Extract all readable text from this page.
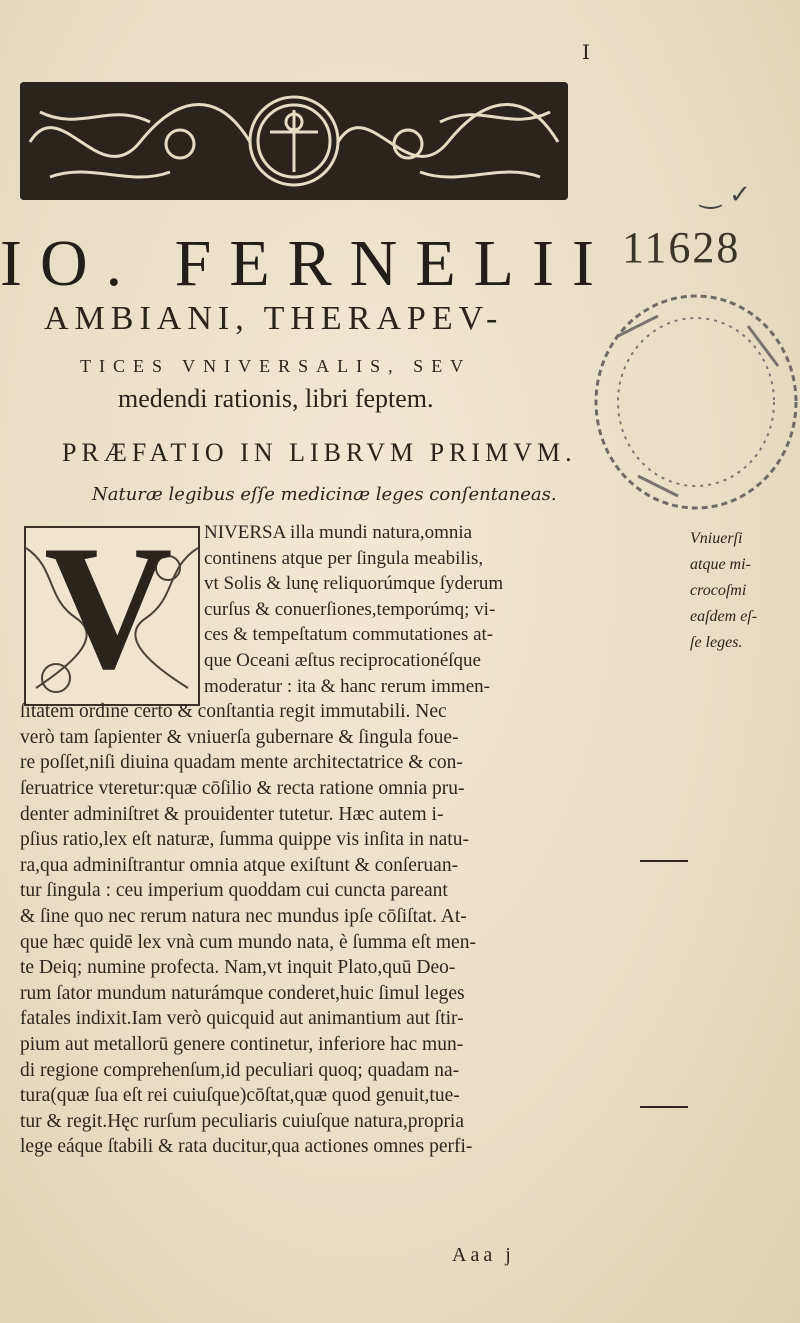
I
‿ ✓
IO. FERNELII 11628
AMBIANI, THERAPEV-
TICES VNIVERSALIS, SEV
medendi rationis, libri feptem.
PRÆFATIO IN LIBRVM PRIMVM.
Naturæ legibus eſſe medicinæ leges conſentaneas.
V NIVERSA illa mundi natura,omnia
continens atque per ſingula meabilis,
vt Solis & lunę reliquorúmque ſyderum
curſus & conuerſiones,temporúmq; vi-
ces & tempeſtatum commutationes at-
que Oceani æſtus reciprocationéſque
moderatur : ita & hanc rerum immen-
ſitatem ordine certo & conſtantia regit immutabili. Nec
verò tam ſapienter & vniuerſa gubernare & ſingula foue-
re poſſet,niſi diuina quadam mente architectatrice & con-
ſeruatrice vteretur:quæ cōſilio & recta ratione omnia pru-
denter adminiſtret & prouidenter tutetur. Hæc autem i-
pſius ratio,lex eſt naturæ, ſumma quippe vis inſita in natu-
ra,qua adminiſtrantur omnia atque exiſtunt & conſeruan-
tur ſingula : ceu imperium quoddam cui cuncta pareant
& ſine quo nec rerum natura nec mundus ipſe cōſiſtat. At-
que hæc quidē lex vnà cum mundo nata, è ſumma eſt men-
te Deiq; numine profecta. Nam,vt inquit Plato,quū Deo-
rum ſator mundum naturámque conderet,huic ſimul leges
fatales indixit.Iam verò quicquid aut animantium aut ſtir-
pium aut metallorū genere continetur, inferiore hac mun-
di regione comprehenſum,id peculiari quoq; quadam na-
tura(quæ ſua eſt rei cuiuſque)cōſtat,quæ quod genuit,tue-
tur & regit.Hęc rurſum peculiaris cuiuſque natura,propria
lege eáque ſtabili & rata ducitur,qua actiones omnes perfi-
Vniuerſi
atque mi-
crocoſmi
eaſdem eſ-
ſe leges.
Aaa j
